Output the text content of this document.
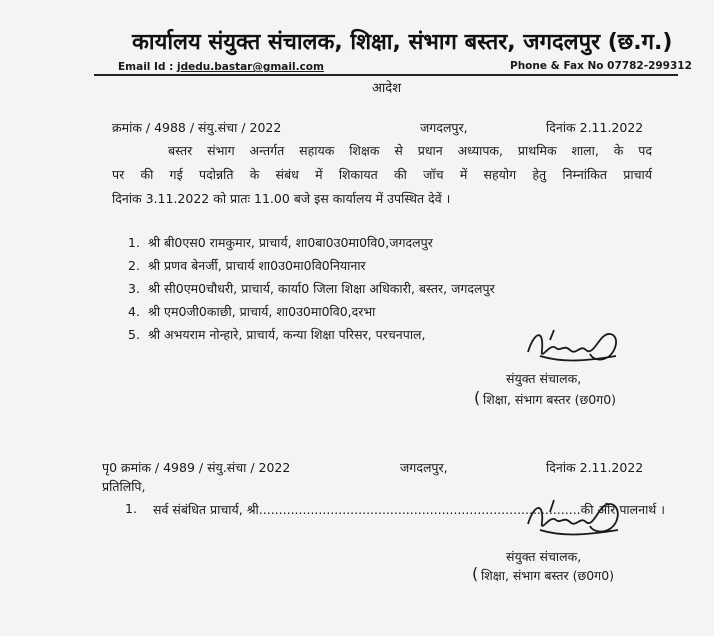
कार्यालय संयुक्त संचालक, शिक्षा, संभाग बस्तर, जगदलपुर (छ.ग.)
Email Id : jdedu.bastar@gmail.com	Phone & Fax No 07782-299312
आदेश
क्रमांक / 4988 / संयु.संचा / 2022	जगदलपुर,	दिनांक 2.11.2022
बस्तर संभाग अन्तर्गत सहायक शिक्षक से प्रधान अध्यापक, प्राथमिक शाला, के पद
पर की गई पदोन्नति के संबंध में शिकायत की जॉच में सहयोग हेतु निम्नांकित प्राचार्य
दिनांक 3.11.2022 को प्रातः 11.00 बजे इस कार्यालय में उपस्थित देवें ।
1. श्री बी0एस0 रामकुमार, प्राचार्य, शा0बा0उ0मा0वि0,जगदलपुर
2. श्री प्रणव बेनर्जी, प्राचार्य शा0उ0मा0वि0नियानार
3. श्री सी0एम0चौधरी, प्राचार्य, कार्या0 जिला शिक्षा अधिकारी, बस्तर, जगदलपुर
4. श्री एम0जी0काछी, प्राचार्य, शा0उ0मा0वि0,दरभा
5. श्री अभयराम नोन्हारे, प्राचार्य, कन्या शिक्षा परिसर, परचनपाल,
संयुक्त संचालक,
( शिक्षा, संभाग बस्तर (छ0ग0)
पृ0 क्रमांक / 4989 / संयु.संचा / 2022	जगदलपुर,	दिनांक 2.11.2022
प्रतिलिपि,
1. सर्व संबंधित प्राचार्य, श्री.................................................................................की ओर पालनार्थ ।
संयुक्त संचालक,
( शिक्षा, संभाग बस्तर (छ0ग0)
